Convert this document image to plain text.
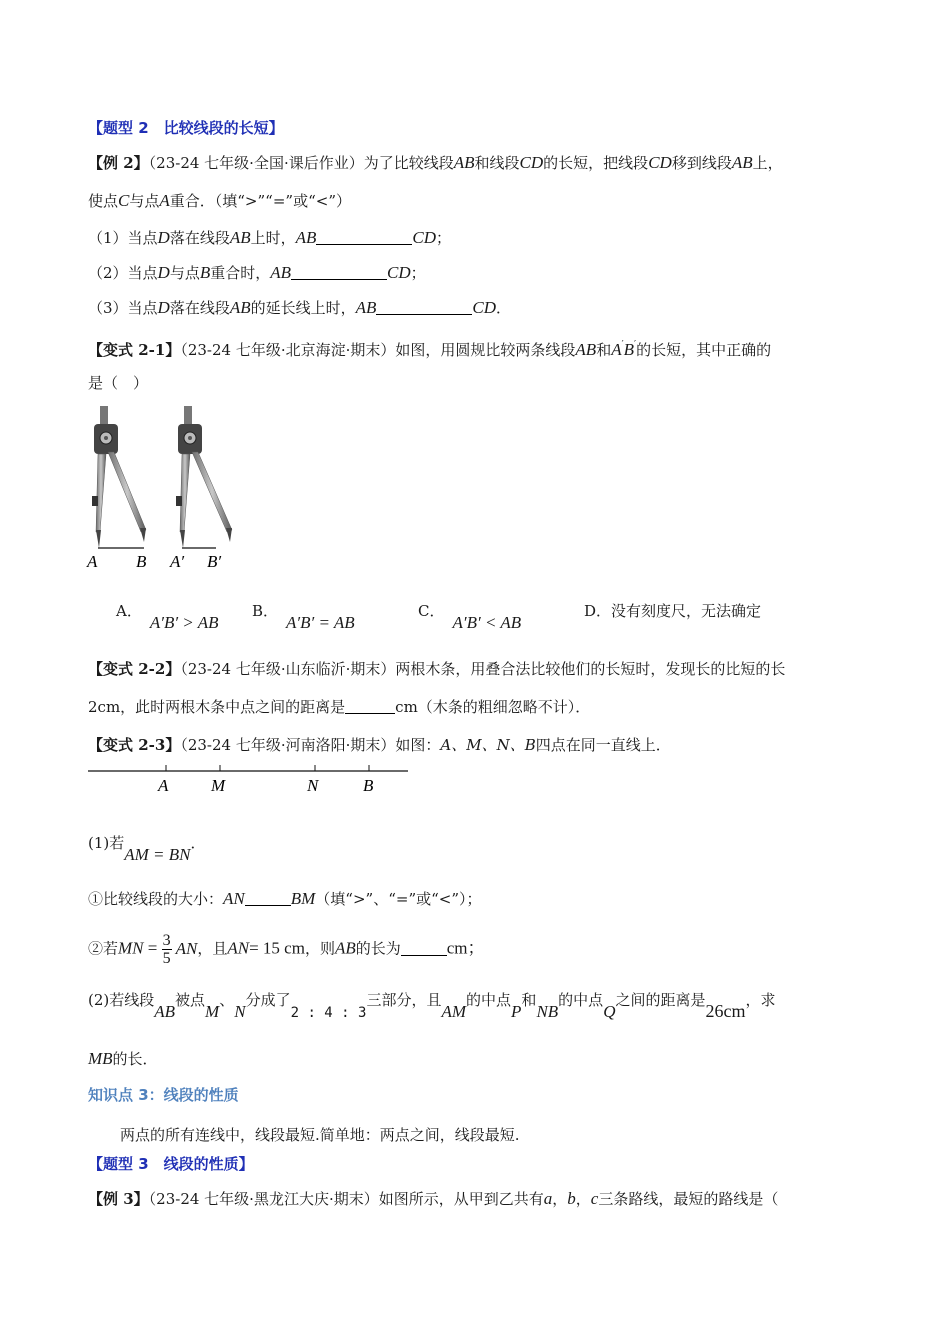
【题型 2　比较线段的长短】
【例 2】（23-24 七年级·全国·课后作业）为了比较线段AB和线段CD的长短，把线段CD移到线段AB上，
使点C与点A重合．（填“>”“=”或“<”）
（1）当点D落在线段AB上时，AB	CD；
（2）当点D与点B重合时，AB	CD；
（3）当点D落在线段AB的延长线上时，AB	CD．
【变式 2-1】（23-24 七年级·北京海淀·期末）如图，用圆规比较两条线段AB和A′B′的长短，其中正确的
是（　）
A B A′ B′
A．A′B′ > AB
B．A′B′ = AB
C．A′B′ < AB
D．没有刻度尺，无法确定
【变式 2-2】（23-24 七年级·山东临沂·期末）两根木条，用叠合法比较他们的长短时，发现长的比短的长
2cm，此时两根木条中点之间的距离是	cm（木条的粗细忽略不计）．
【变式 2-3】（23-24 七年级·河南洛阳·期末）如图：A、M、N、B四点在同一直线上．
A	M	N	B
(1)若AM = BN．
①比较线段的大小：AN	BM（填“>”、“=”或“<”）；
②若MN = $\frac{3}{5}$ AN，且AN= 15 cm，则AB的长为	cm；
(2)若线段AB被点M、N分成了2 : 4 : 3三部分，且AM的中点P和NB的中点Q之间的距离是26cm，求
MB的长．
知识点 3：线段的性质
两点的所有连线中，线段最短.简单地：两点之间，线段最短.
【题型 3　线段的性质】
【例 3】（23-24 七年级·黑龙江大庆·期末）如图所示，从甲到乙共有a，b，c三条路线，最短的路线是（
